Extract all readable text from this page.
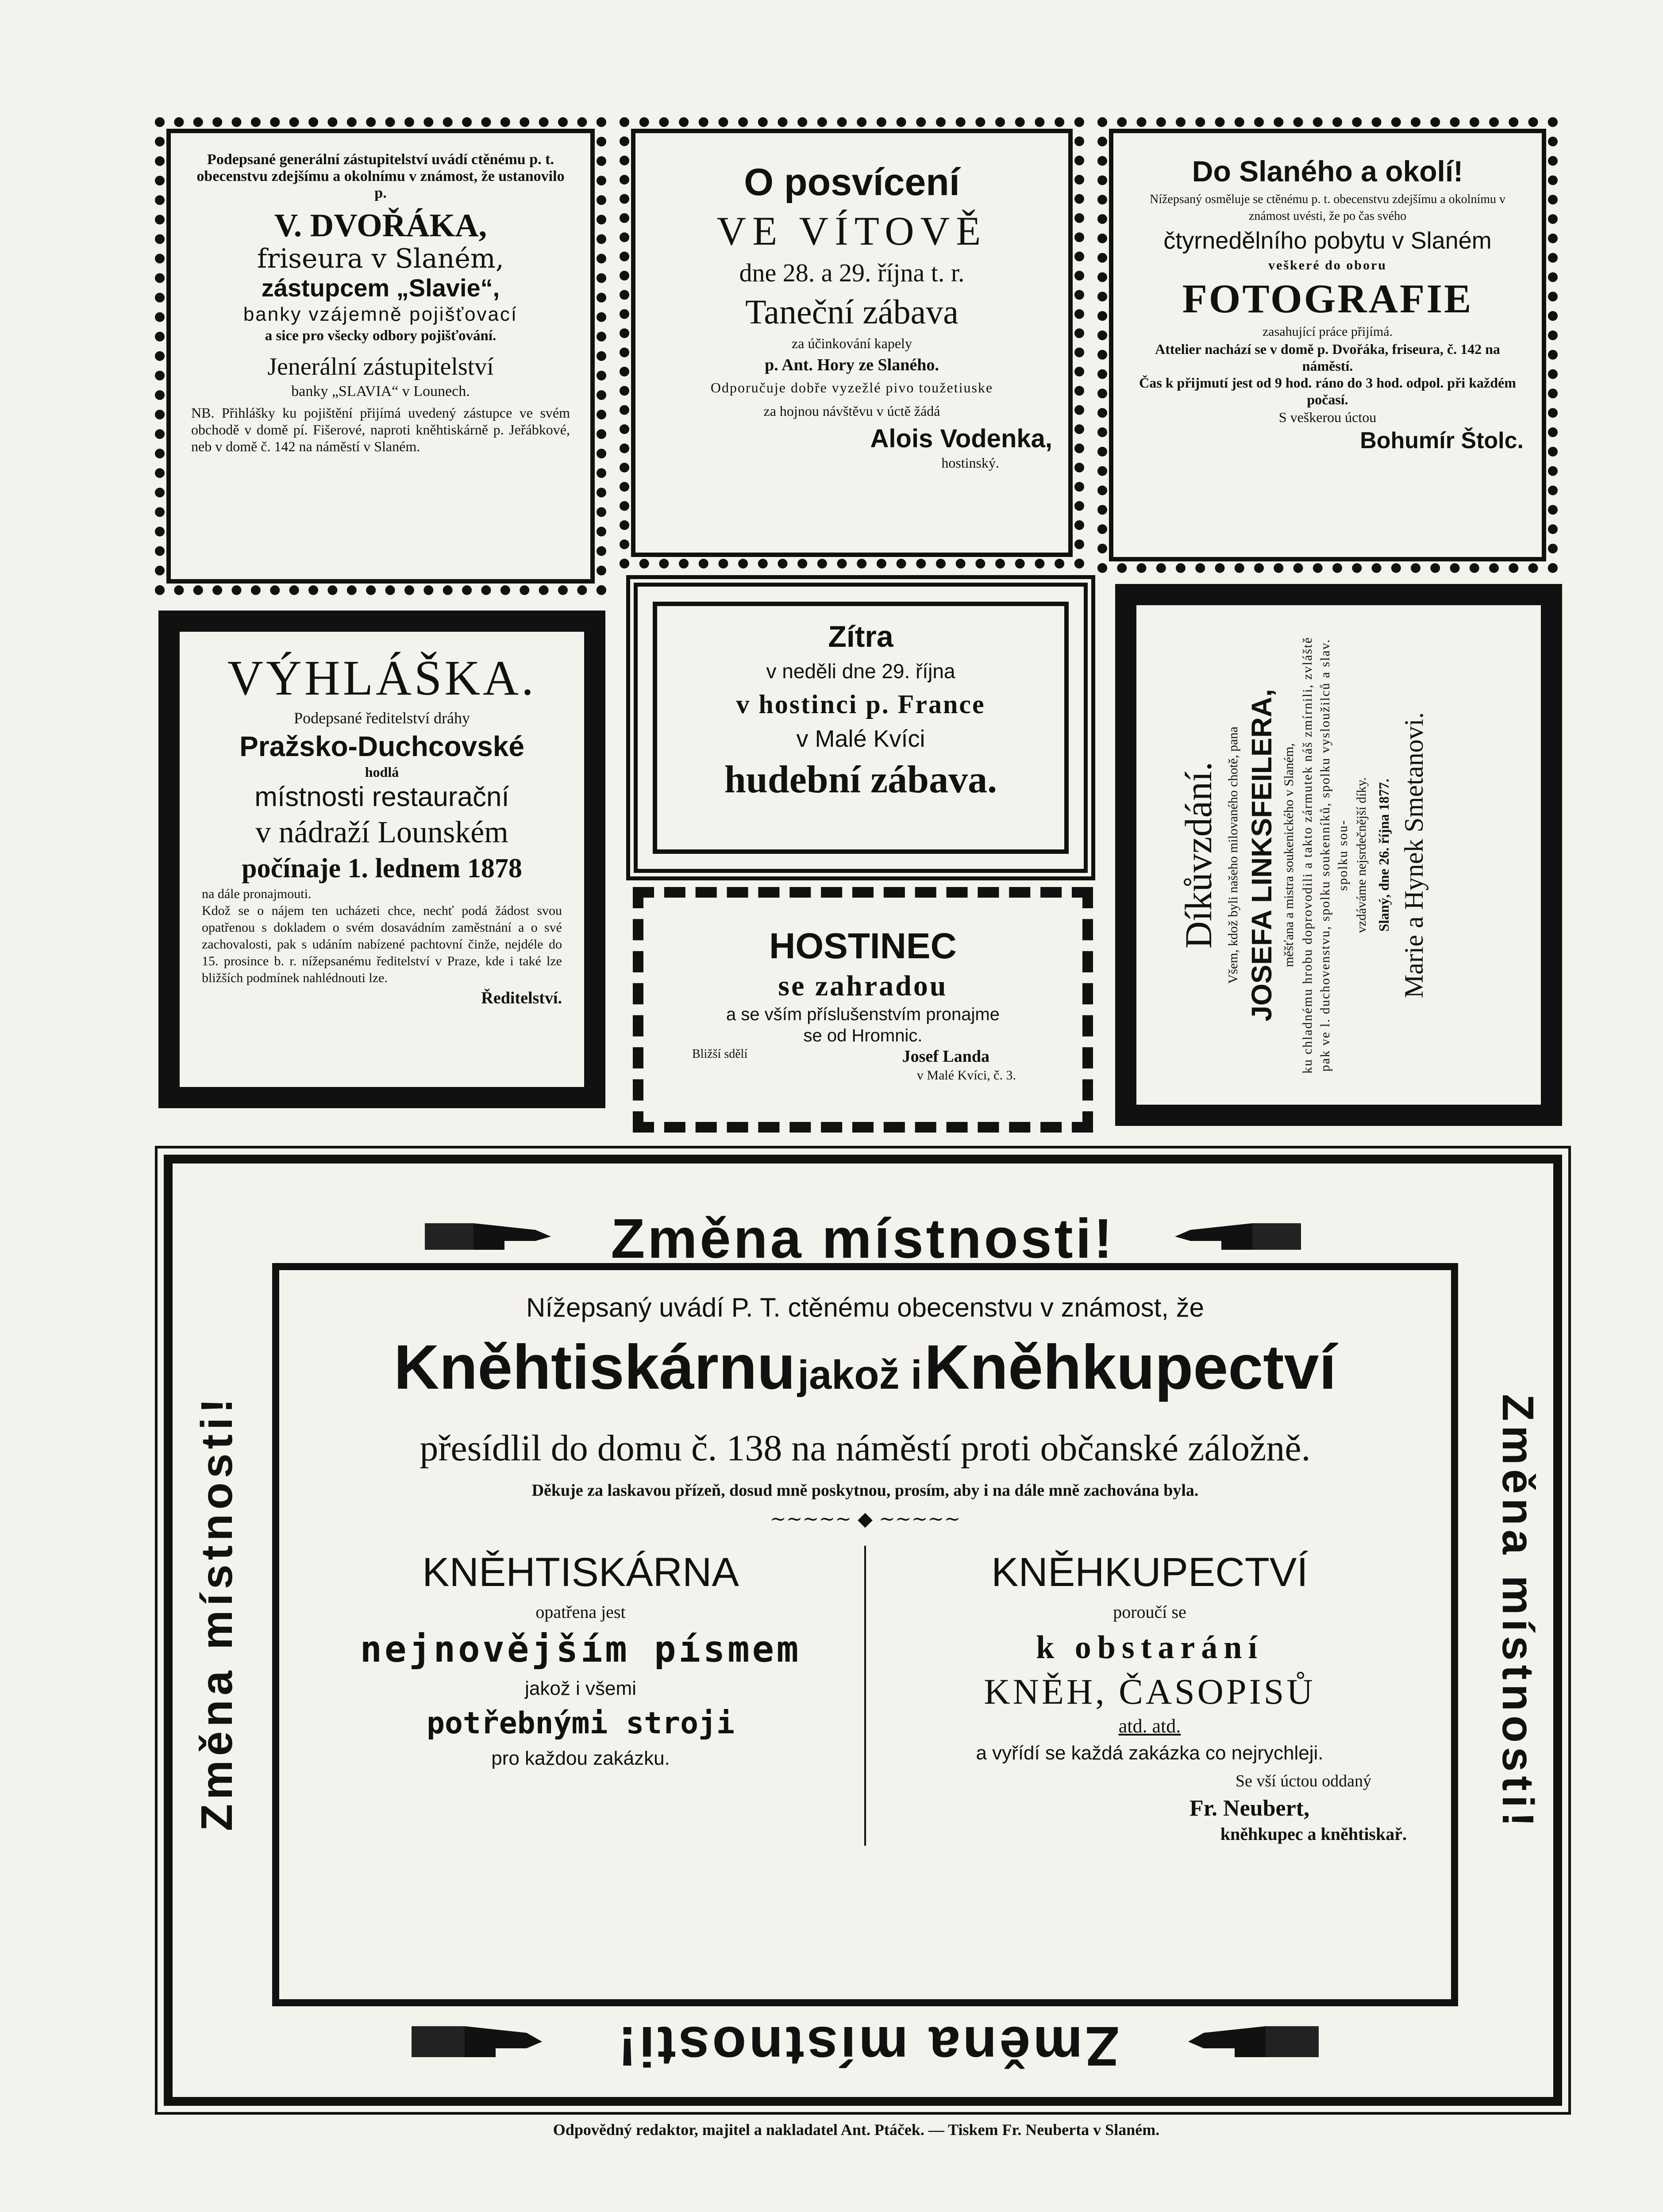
Podepsané generální zástupitelství uvádí ctěnému p. t. obecenstvu zdejšímu a okolnímu v známost, že ustanovilo p.
V. DVOŘÁKA,
friseura v Slaném,
zástupcem „Slavie“,
banky vzájemně pojišťovací
a sice pro všecky odbory pojišťování.
Jenerální zástupitelství
banky „SLAVIA“ v Lounech.
NB. Přihlášky ku pojištění přijímá uvedený zástupce ve svém obchodě v domě pí. Fišerové, naproti kněhtiskárně p. Jeřábkové, neb v domě č. 142 na náměstí v Slaném.
O posvícení
VE VÍTOVĚ
dne 28. a 29. října t. r.
Taneční zábava
za účinkování kapely
p. Ant. Hory ze Slaného.
Odporučuje dobře vyzežlé pivo toužetiuske
za hojnou návštěvu v úctě žádá
Alois Vodenka,
hostinský.
Do Slaného a okolí!
Nížepsaný osměluje se ctěnému p. t. obecenstvu zdejšímu a okolnímu v známost uvésti, že po čas svého
čtyrnedělního pobytu v Slaném
veškeré do oboru
FOTOGRAFIE
zasahující práce přijímá.
Attelier nachází se v domě p. Dvořáka, friseura, č. 142 na náměstí.
Čas k přijmutí jest od 9 hod. ráno do 3 hod. odpol. při každém počasí.
S veškerou úctou
Bohumír Štolc.
VÝHLÁŠKA.
Podepsané ředitelství dráhy
Pražsko-Duchcovské
hodlá
místnosti restaurační
v nádraží Lounském
počínaje 1. lednem 1878
na dále pronajmouti.
Kdož se o nájem ten ucházeti chce, nechť podá žádost svou opatřenou s dokladem o svém dosavádním zaměstnání a o své zachovalosti, pak s udáním nabízené pachtovní činže, nejdéle do 15. prosince b. r. nížepsanému ředitelství v Praze, kde i také lze bližších podmínek nahlédnouti lze.
Ředitelství.
Zítra
v neděli dne 29. října
v hostinci p. France
v Malé Kvíci
hudební zábava.
HOSTINEC
se zahradou
a se vším příslušenstvím pronajme
se od Hromnic.
Bližší sdělí	Josef Landa
v Malé Kvíci, č. 3.
Díkůvzdání. Všem, kdož byli našeho milovaného chotě, pana JOSEFA LINKSFEILERA, měšťana a mistra soukenického v Slaném, ku chladnému hrobu doprovodili a takto zármutek náš zmírnili, zvláště pak ve l. duchovenstvu, spolku soukenníků, spolku vysloužilců a slav. spolku sou- vzdáváme nejsrdečnější díky. Slaný, dne 26. října 1877. Marie a Hynek Smetanovi.
Změna místnosti!
Změna místnosti!	Změna místnosti!
Nížepsaný uvádí P. T. ctěnému obecenstvu v známost, že
Kněhtiskárnu jakož i Kněhkupectví
přesídlil do domu č. 138 na náměstí proti občanské záložně.
Děkuje za laskavou přízeň, dosud mně poskytnou, prosím, aby i na dále mně zachována byla.
~~~~~ ◆ ~~~~~
KNĚHTISKÁRNA
opatřena jest
nejnovějším písmem
jakož i všemi
potřebnými stroji
pro každou zakázku.
KNĚHKUPECTVÍ
poroučí se
k obstarání
KNĚH, ČASOPISŮ
atd. atd.
a vyřídí se každá zakázka co nejrychleji.
Se vší úctou oddaný
Fr. Neubert,
kněhkupec a kněhtiskař.
Změna místnosti!
Odpovědný redaktor, majitel a nakladatel Ant. Ptáček. — Tiskem Fr. Neuberta v Slaném.
